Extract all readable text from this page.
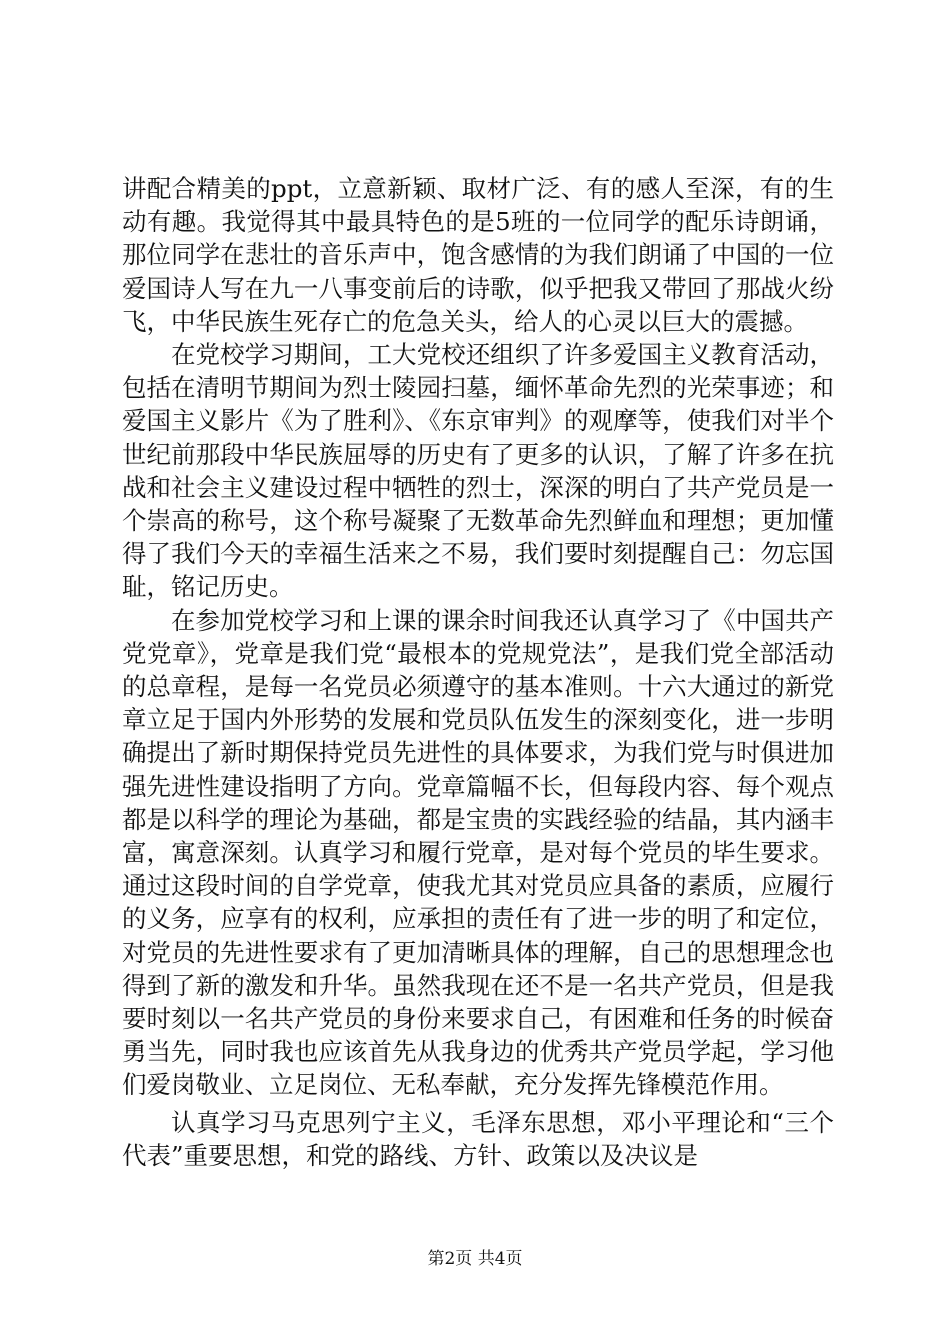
讲配合精美的ppt，立意新颖、取材广泛、有的感人至深，有的生动有趣。我觉得其中最具特色的是5班的一位同学的配乐诗朗诵，那位同学在悲壮的音乐声中，饱含感情的为我们朗诵了中国的一位爱国诗人写在九一八事变前后的诗歌，似乎把我又带回了那战火纷飞，中华民族生死存亡的危急关头，给人的心灵以巨大的震撼。

在党校学习期间，工大党校还组织了许多爱国主义教育活动，包括在清明节期间为烈士陵园扫墓，缅怀革命先烈的光荣事迹；和爱国主义影片《为了胜利》、《东京审判》的观摩等，使我们对半个世纪前那段中华民族屈辱的历史有了更多的认识，了解了许多在抗战和社会主义建设过程中牺牲的烈士，深深的明白了共产党员是一个崇高的称号，这个称号凝聚了无数革命先烈鲜血和理想；更加懂得了我们今天的幸福生活来之不易，我们要时刻提醒自己：勿忘国耻，铭记历史。

在参加党校学习和上课的课余时间我还认真学习了《中国共产党党章》，党章是我们党“最根本的党规党法”，是我们党全部活动的总章程，是每一名党员必须遵守的基本准则。十六大通过的新党章立足于国内外形势的发展和党员队伍发生的深刻变化，进一步明确提出了新时期保持党员先进性的具体要求，为我们党与时俱进加强先进性建设指明了方向。党章篇幅不长，但每段内容、每个观点都是以科学的理论为基础，都是宝贵的实践经验的结晶，其内涵丰富，寓意深刻。认真学习和履行党章，是对每个党员的毕生要求。通过这段时间的自学党章，使我尤其对党员应具备的素质，应履行的义务，应享有的权利，应承担的责任有了进一步的明了和定位，对党员的先进性要求有了更加清晰具体的理解，自己的思想理念也得到了新的激发和升华。虽然我现在还不是一名共产党员，但是我要时刻以一名共产党员的身份来要求自己，有困难和任务的时候奋勇当先，同时我也应该首先从我身边的优秀共产党员学起，学习他们爱岗敬业、立足岗位、无私奉献，充分发挥先锋模范作用。

认真学习马克思列宁主义，毛泽东思想，邓小平理论和“三个代表”重要思想，和党的路线、方针、政策以及决议是

第2页 共4页
